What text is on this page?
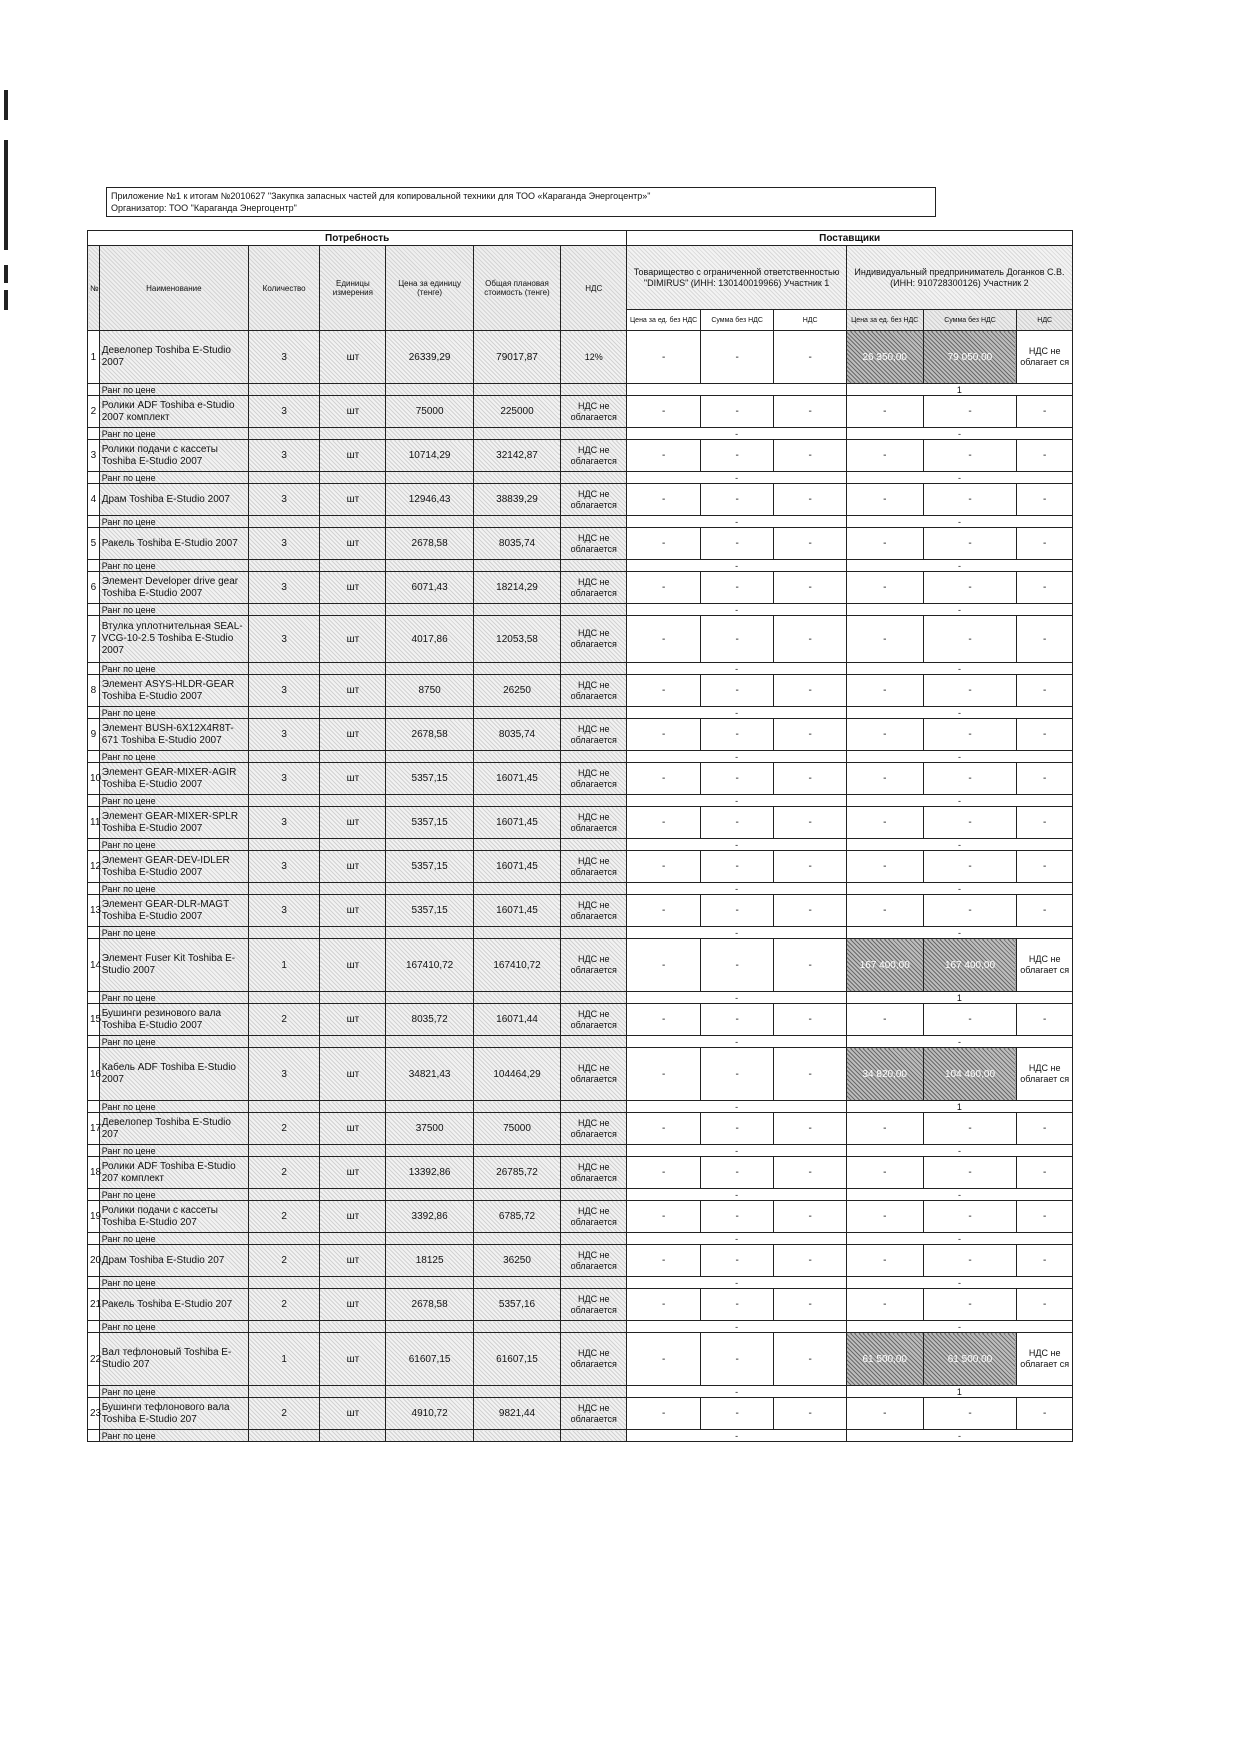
Приложение №1 к итогам №2010627 "Закупка запасных частей для копировальной техники для ТОО «Караганда Энергоцентр»"
Организатор: ТОО "Караганда Энергоцентр"
Потребность							Поставщики					
№	Наименование	Количество	Единицы измерения	Цена за единицу (тенге)	Общая плановая стоимость (тенге)	НДС	Товарищество с ограниченной ответственностью "DIMIRUS" (ИНН: 130140019966) Участник 1			Индивидуальный предприниматель Доганков С.В. (ИНН: 910728300126) Участник 2		
							Цена за ед. без НДС	Сумма без НДС	НДС	Цена за ед. без НДС	Сумма без НДС	НДС
1	Девелопер Toshiba E-Studio 2007	3	шт	26339,29	79017,87	12%	-	-	-	26 350,00	79 050,00	НДС не облагает ся
	Ранг по цене									1		
2	Ролики ADF Toshiba e-Studio 2007 комплект	3	шт	75000	225000	НДС не облагается	-	-	-	-	-	-
	Ранг по цене						-			-		
3	Ролики подачи с кассеты Toshiba E-Studio 2007	3	шт	10714,29	32142,87	НДС не облагается	-	-	-	-	-	-
	Ранг по цене						-			-		
4	Драм Toshiba E-Studio 2007	3	шт	12946,43	38839,29	НДС не облагается	-	-	-	-	-	-
	Ранг по цене						-			-		
5	Ракель Toshiba E-Studio 2007	3	шт	2678,58	8035,74	НДС не облагается	-	-	-	-	-	-
	Ранг по цене						-			-		
6	Элемент Developer drive gear Toshiba E-Studio 2007	3	шт	6071,43	18214,29	НДС не облагается	-	-	-	-	-	-
	Ранг по цене						-			-		
7	Втулка уплотнительная SEAL-VCG-10-2.5 Toshiba E-Studio 2007	3	шт	4017,86	12053,58	НДС не облагается	-	-	-	-	-	-
	Ранг по цене						-			-		
8	Элемент ASYS-HLDR-GEAR Toshiba E-Studio 2007	3	шт	8750	26250	НДС не облагается	-	-	-	-	-	-
	Ранг по цене						-			-		
9	Элемент BUSH-6X12X4R8T-671 Toshiba E-Studio 2007	3	шт	2678,58	8035,74	НДС не облагается	-	-	-	-	-	-
	Ранг по цене						-			-		
10	Элемент GEAR-MIXER-AGIR Toshiba E-Studio 2007	3	шт	5357,15	16071,45	НДС не облагается	-	-	-	-	-	-
	Ранг по цене						-			-		
11	Элемент GEAR-MIXER-SPLR Toshiba E-Studio 2007	3	шт	5357,15	16071,45	НДС не облагается	-	-	-	-	-	-
	Ранг по цене						-			-		
12	Элемент GEAR-DEV-IDLER Toshiba E-Studio 2007	3	шт	5357,15	16071,45	НДС не облагается	-	-	-	-	-	-
	Ранг по цене						-			-		
13	Элемент GEAR-DLR-MAGT Toshiba E-Studio 2007	3	шт	5357,15	16071,45	НДС не облагается	-	-	-	-	-	-
	Ранг по цене						-			-		
14	Элемент Fuser Kit Toshiba E-Studio 2007	1	шт	167410,72	167410,72	НДС не облагается	-	-	-	167 400,00	167 400,00	НДС не облагает ся
	Ранг по цене						-			1		
15	Бушинги резинового вала Toshiba E-Studio 2007	2	шт	8035,72	16071,44	НДС не облагается	-	-	-	-	-	-
	Ранг по цене						-			-		
16	Кабель ADF Toshiba E-Studio 2007	3	шт	34821,43	104464,29	НДС не облагается	-	-	-	34 820,00	104 460,00	НДС не облагает ся
	Ранг по цене						-			1		
17	Девелопер Toshiba E-Studio 207	2	шт	37500	75000	НДС не облагается	-	-	-	-	-	-
	Ранг по цене						-			-		
18	Ролики ADF Toshiba E-Studio 207 комплект	2	шт	13392,86	26785,72	НДС не облагается	-	-	-	-	-	-
	Ранг по цене						-			-		
19	Ролики подачи с кассеты Toshiba E-Studio 207	2	шт	3392,86	6785,72	НДС не облагается	-	-	-	-	-	-
	Ранг по цене						-			-		
20	Драм Toshiba E-Studio 207	2	шт	18125	36250	НДС не облагается	-	-	-	-	-	-
	Ранг по цене						-			-		
21	Ракель Toshiba E-Studio 207	2	шт	2678,58	5357,16	НДС не облагается	-	-	-	-	-	-
	Ранг по цене						-			-		
22	Вал тефлоновый Toshiba E-Studio 207	1	шт	61607,15	61607,15	НДС не облагается	-	-	-	61 500,00	61 500,00	НДС не облагает ся
	Ранг по цене						-			1		
23	Бушинги тефлонового вала Toshiba E-Studio 207	2	шт	4910,72	9821,44	НДС не облагается	-	-	-	-	-	-
	Ранг по цене						-			-		
